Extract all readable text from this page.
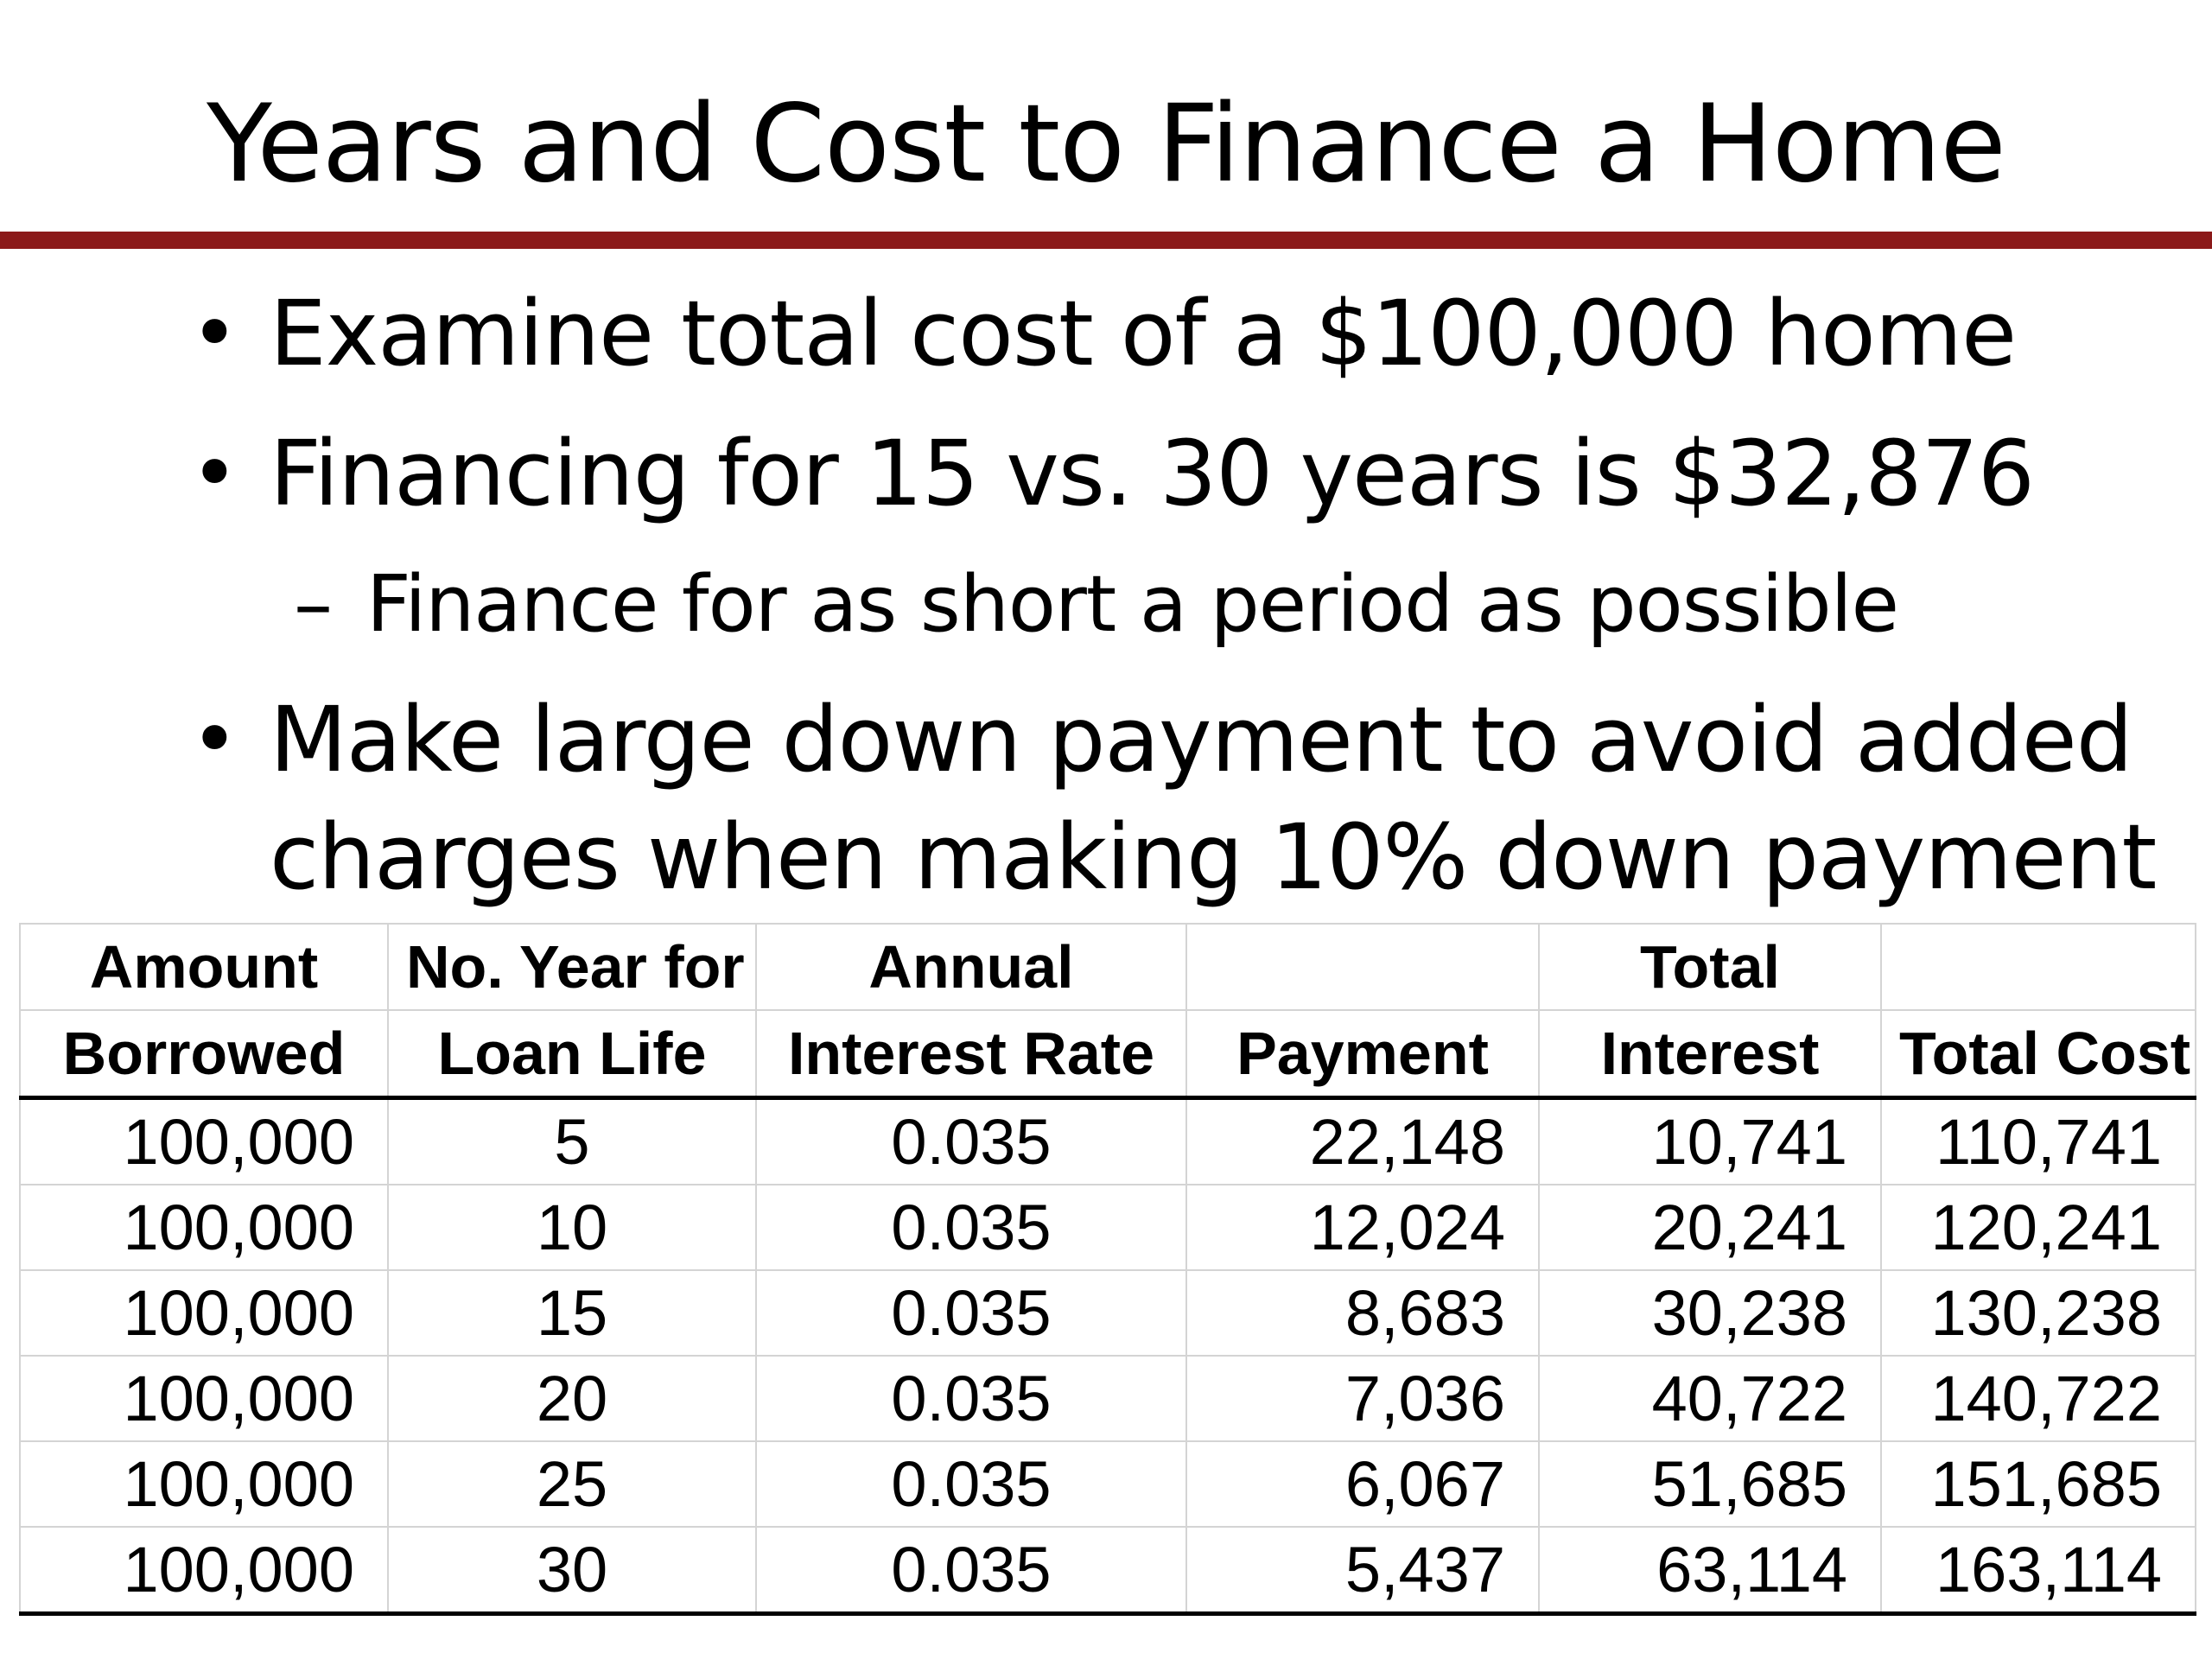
Years and Cost to Finance a Home
• Examine total cost of a $100,000 home
• Financing for 15 vs. 30 years is $32,876
– Finance for as short a period as possible
• Make large down payment to avoid added
charges when making 10% down payment
Amount	No. Year for	Annual		Total	
Borrowed	Loan Life	Interest Rate	Payment	Interest	Total Cost
100,000	5	0.035	22,148	10,741	110,741
100,000	10	0.035	12,024	20,241	120,241
100,000	15	0.035	8,683	30,238	130,238
100,000	20	0.035	7,036	40,722	140,722
100,000	25	0.035	6,067	51,685	151,685
100,000	30	0.035	5,437	63,114	163,114
